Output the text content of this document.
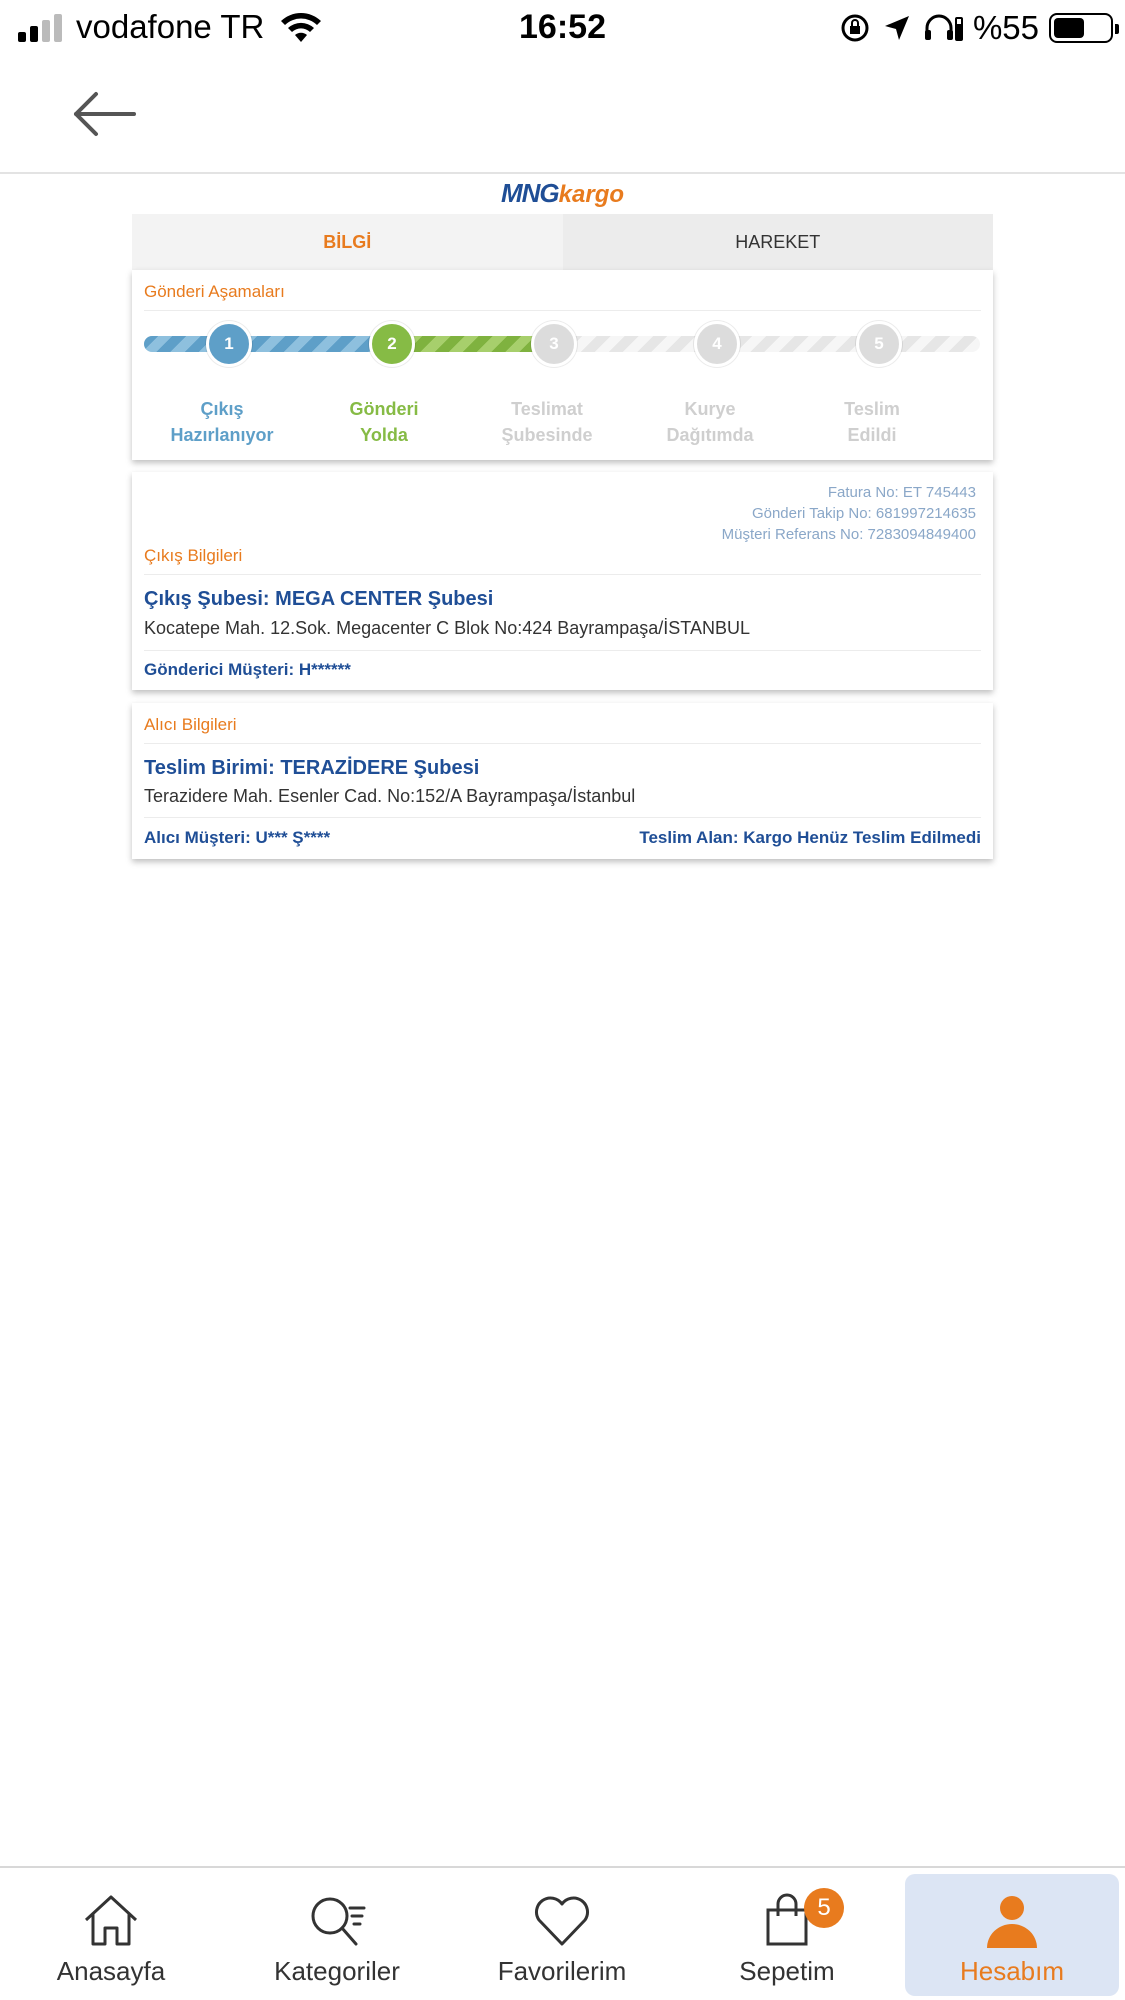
vodafone TR	16:52	%55
MNGkargo
BİLGİ	HAREKET
Gönderi Aşamaları
1	2	3	4	5
Çıkış
Hazırlanıyor
Gönderi
Yolda
Teslimat
Şubesinde
Kurye
Dağıtımda
Teslim
Edildi
Fatura No: ET 745443
Gönderi Takip No: 681997214635
Müşteri Referans No: 7283094849400
Çıkış Bilgileri
Çıkış Şubesi: MEGA CENTER Şubesi
Kocatepe Mah. 12.Sok. Megacenter C Blok No:424 Bayrampaşa/İSTANBUL
Gönderici Müşteri: H******
Alıcı Bilgileri
Teslim Birimi: TERAZİDERE Şubesi
Terazidere Mah. Esenler Cad. No:152/A Bayrampaşa/İstanbul
Alıcı Müşteri: U*** Ş****	Teslim Alan: Kargo Henüz Teslim Edilmedi
Anasayfa	Kategoriler	Favorilerim
5
Sepetim	Hesabım
